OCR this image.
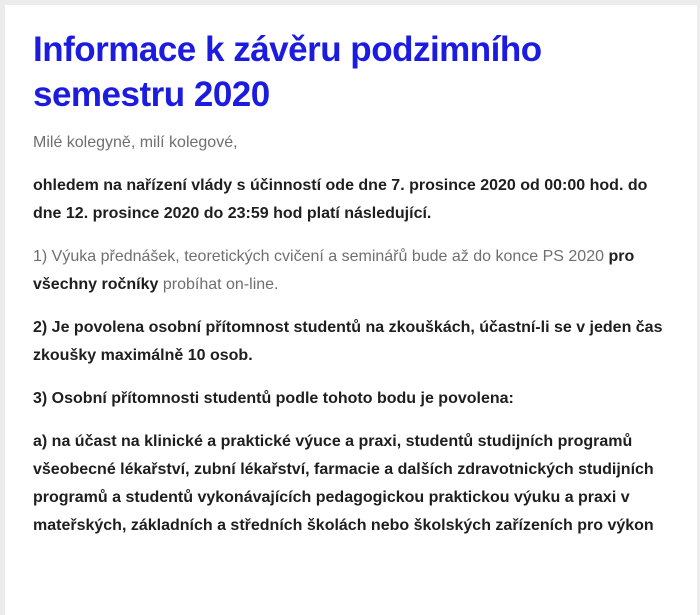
Informace k závěru podzimního semestru 2020

Milé kolegyně, milí kolegové,

ohledem na nařízení vlády s účinností ode dne 7. prosince 2020 od 00:00 hod. do dne 12. prosince 2020 do 23:59 hod platí následující.

1) Výuka přednášek, teoretických cvičení a seminářů bude až do konce PS 2020 pro všechny ročníky probíhat on-line.

2) Je povolena osobní přítomnost studentů na zkouškách, účastní-li se v jeden čas zkoušky maximálně 10 osob.

3) Osobní přítomnosti studentů podle tohoto bodu je povolena:

a) na účast na klinické a praktické výuce a praxi, studentů studijních programů všeobecné lékařství, zubní lékařství, farmacie a dalších zdravotnických studijních programů a studentů vykonávajících pedagogickou praktickou výuku a praxi v mateřských, základních a středních školách nebo školských zařízeních pro výkon
